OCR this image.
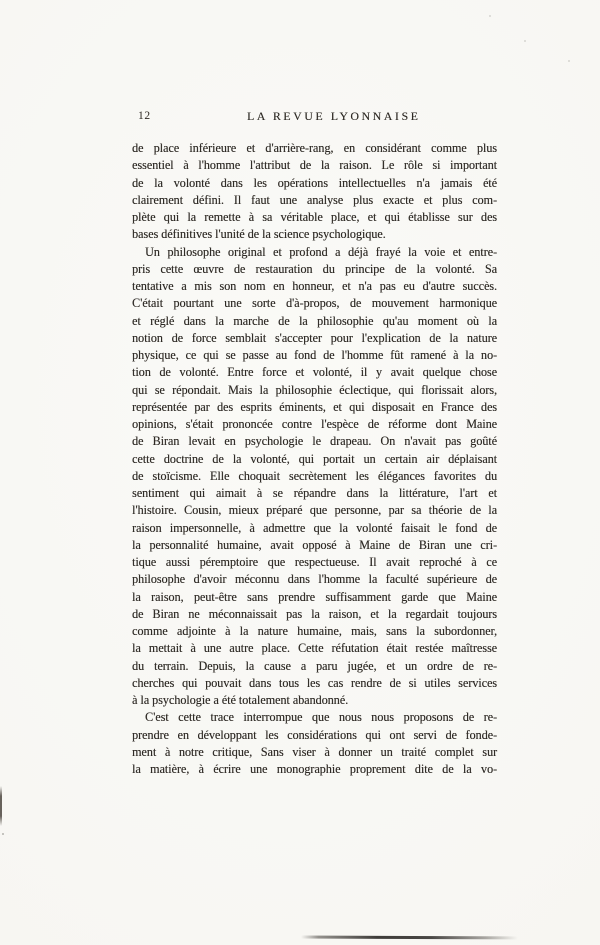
12	LA REVUE LYONNAISE
de place inférieure et d'arrière-rang, en considérant comme plus
essentiel à l'homme l'attribut de la raison. Le rôle si important
de la volonté dans les opérations intellectuelles n'a jamais été
clairement défini. Il faut une analyse plus exacte et plus com-
plète qui la remette à sa véritable place, et qui établisse sur des
bases définitives l'unité de la science psychologique.
Un philosophe original et profond a déjà frayé la voie et entre-
pris cette œuvre de restauration du principe de la volonté. Sa
tentative a mis son nom en honneur, et n'a pas eu d'autre succès.
C'était pourtant une sorte d'à-propos, de mouvement harmonique
et réglé dans la marche de la philosophie qu'au moment où la
notion de force semblait s'accepter pour l'explication de la nature
physique, ce qui se passe au fond de l'homme fût ramené à la no-
tion de volonté. Entre force et volonté, il y avait quelque chose
qui se répondait. Mais la philosophie éclectique, qui florissait alors,
représentée par des esprits éminents, et qui disposait en France des
opinions, s'était prononcée contre l'espèce de réforme dont Maine
de Biran levait en psychologie le drapeau. On n'avait pas goûté
cette doctrine de la volonté, qui portait un certain air déplaisant
de stoïcisme. Elle choquait secrètement les élégances favorites du
sentiment qui aimait à se répandre dans la littérature, l'art et
l'histoire. Cousin, mieux préparé que personne, par sa théorie de la
raison impersonnelle, à admettre que la volonté faisait le fond de
la personnalité humaine, avait opposé à Maine de Biran une cri-
tique aussi péremptoire que respectueuse. Il avait reproché à ce
philosophe d'avoir méconnu dans l'homme la faculté supérieure de
la raison, peut-être sans prendre suffisamment garde que Maine
de Biran ne méconnaissait pas la raison, et la regardait toujours
comme adjointe à la nature humaine, mais, sans la subordonner,
la mettait à une autre place. Cette réfutation était restée maîtresse
du terrain. Depuis, la cause a paru jugée, et un ordre de re-
cherches qui pouvait dans tous les cas rendre de si utiles services
à la psychologie a été totalement abandonné.
C'est cette trace interrompue que nous nous proposons de re-
prendre en développant les considérations qui ont servi de fonde-
ment à notre critique, Sans viser à donner un traité complet sur
la matière, à écrire une monographie proprement dite de la vo-
